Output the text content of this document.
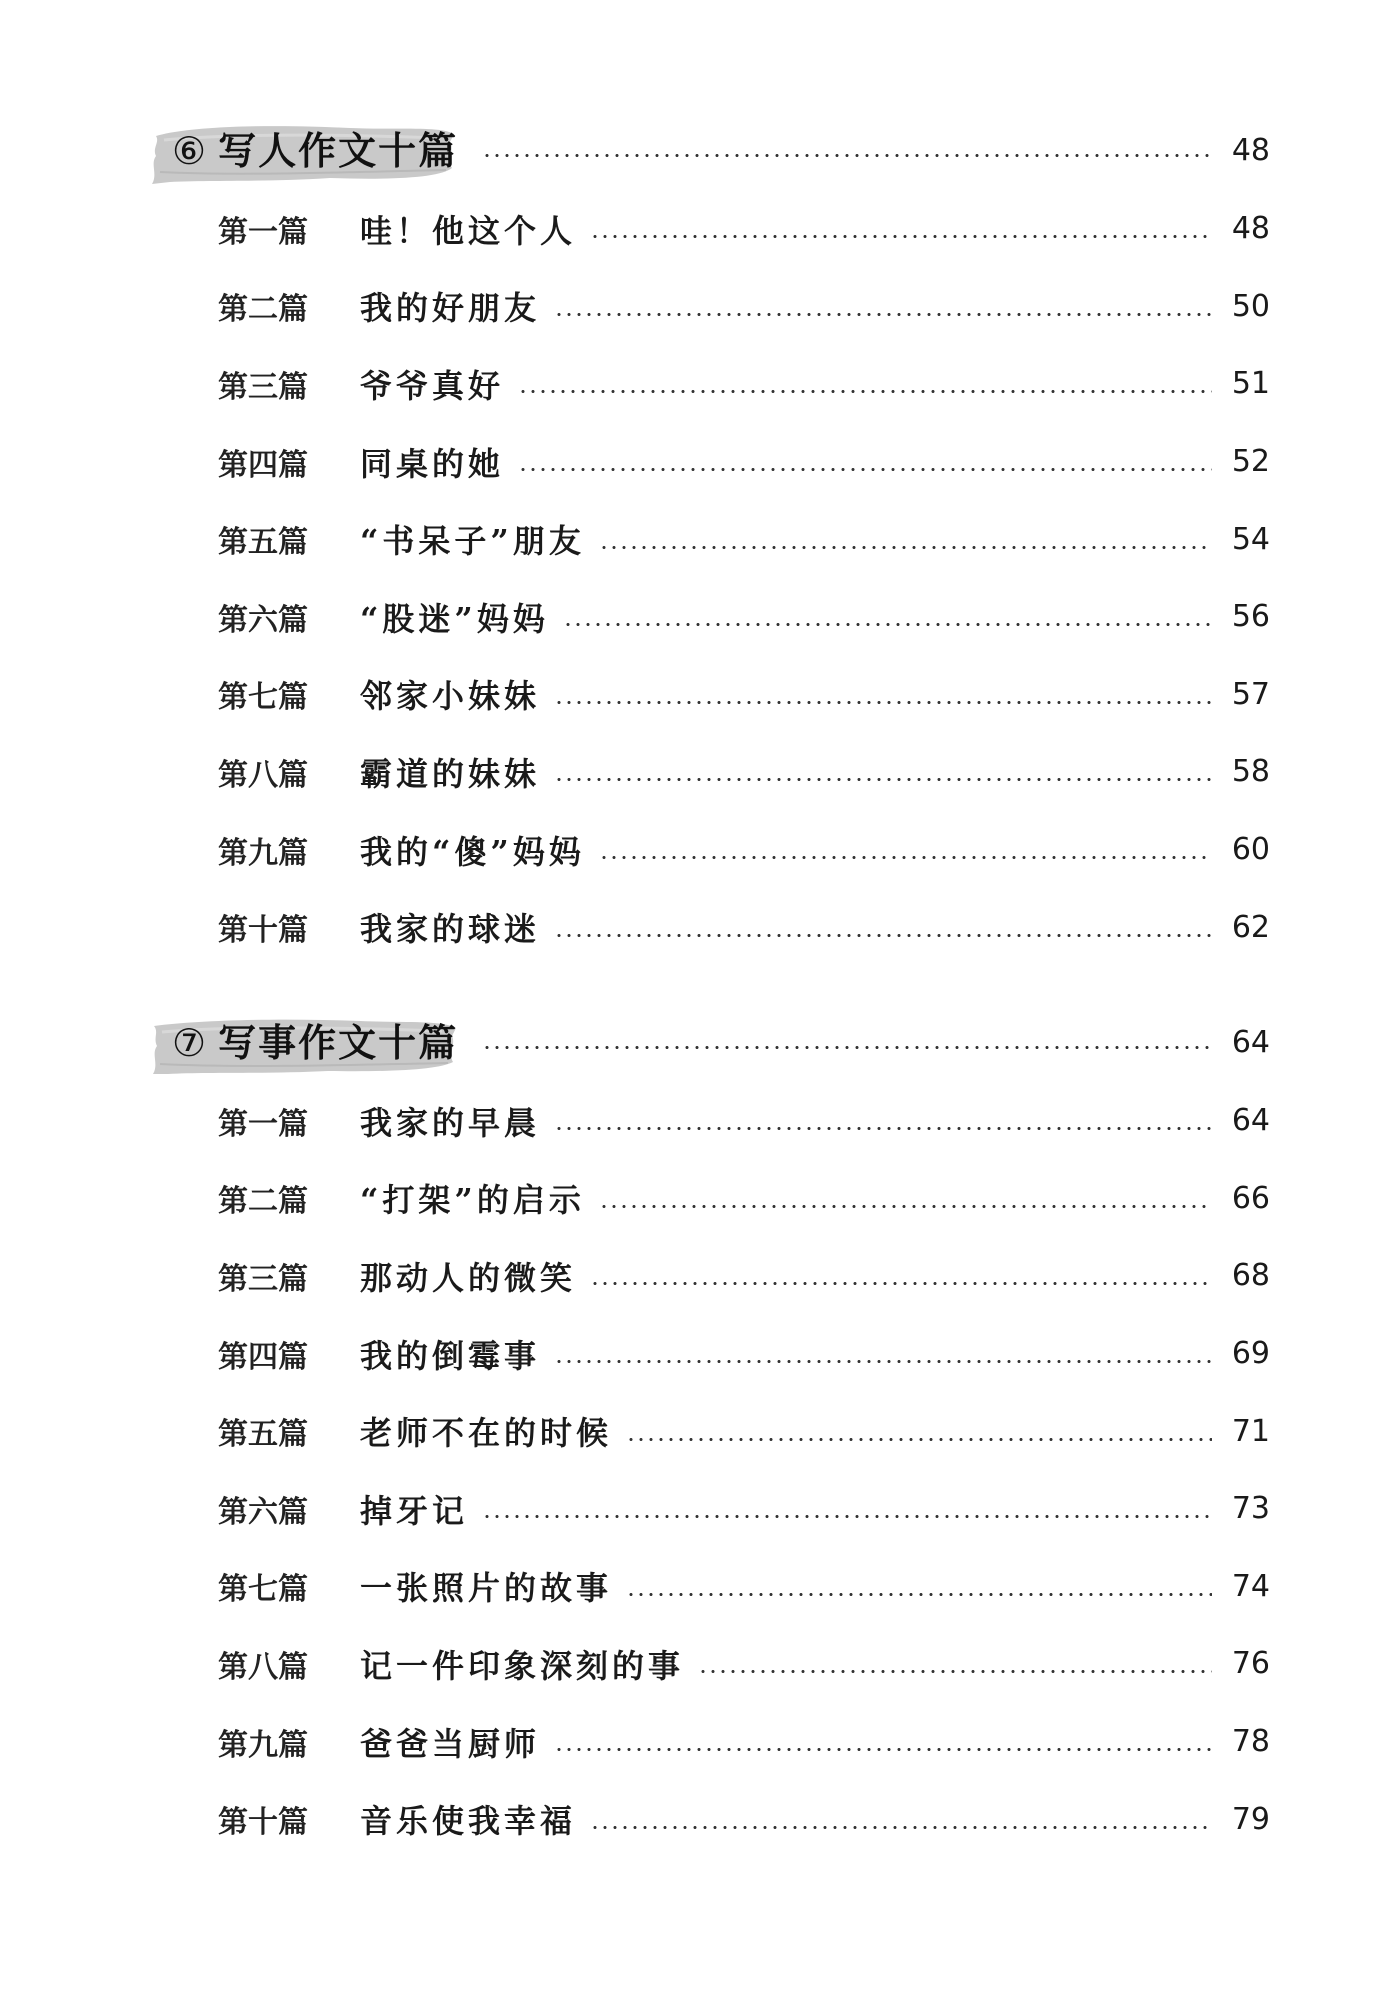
⑥ 写人作文十篇	48
第一篇	哇！他这个人	48
第二篇	我的好朋友	50
第三篇	爷爷真好	51
第四篇	同桌的她	52
第五篇	“书呆子”朋友	54
第六篇	“股迷”妈妈	56
第七篇	邻家小妹妹	57
第八篇	霸道的妹妹	58
第九篇	我的“傻”妈妈	60
第十篇	我家的球迷	62
⑦ 写事作文十篇	64
第一篇	我家的早晨	64
第二篇	“打架”的启示	66
第三篇	那动人的微笑	68
第四篇	我的倒霉事	69
第五篇	老师不在的时候	71
第六篇	掉牙记	73
第七篇	一张照片的故事	74
第八篇	记一件印象深刻的事	76
第九篇	爸爸当厨师	78
第十篇	音乐使我幸福	79
